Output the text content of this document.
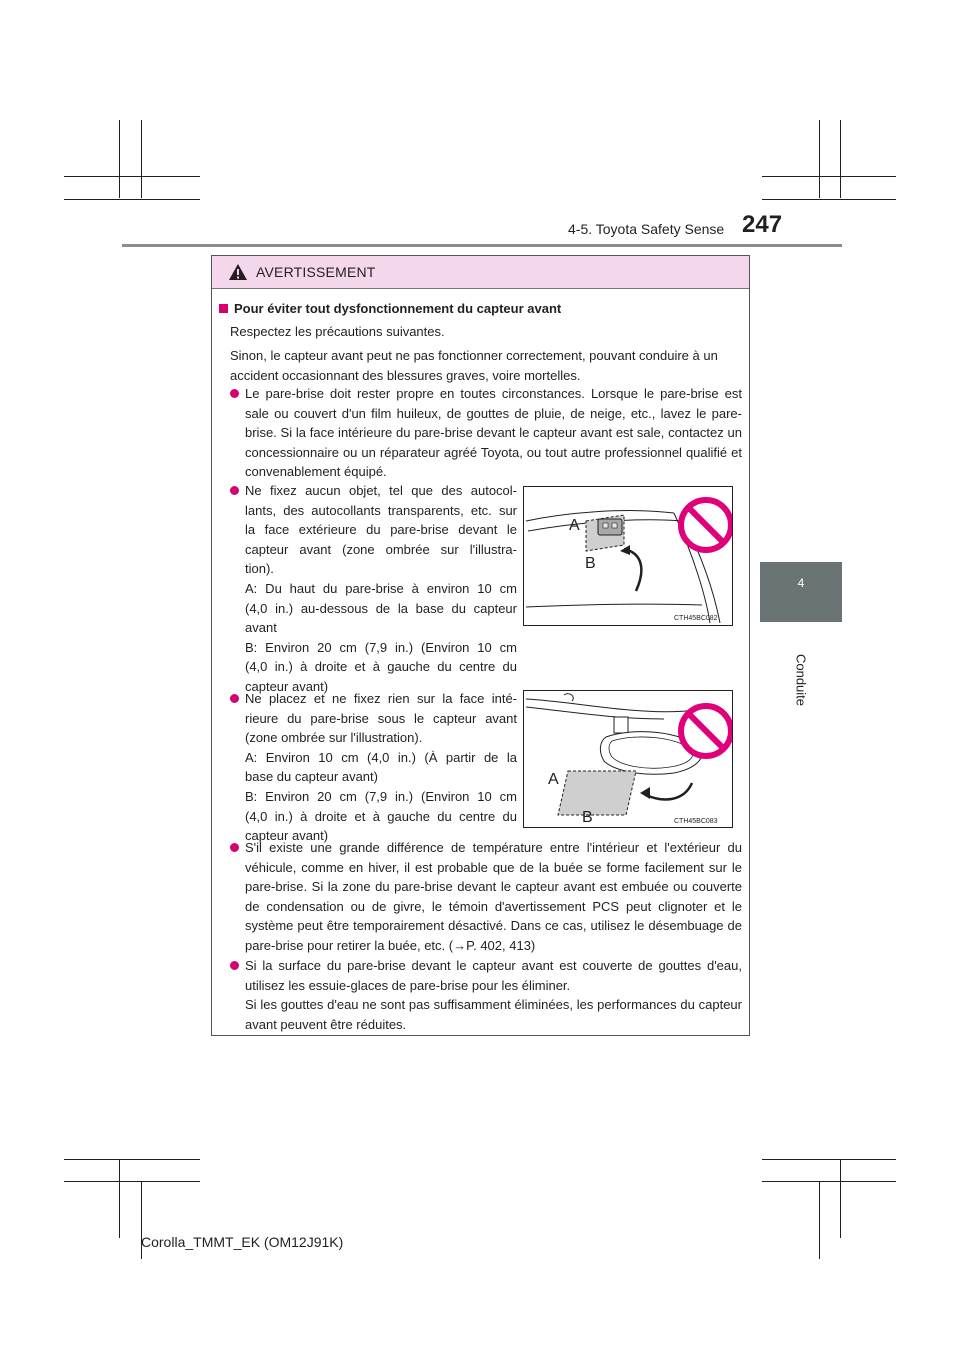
4-5. Toyota Safety Sense 247
4
Conduite
AVERTISSEMENT
Pour éviter tout dysfonctionnement du capteur avant
Respectez les précautions suivantes.
Sinon, le capteur avant peut ne pas fonctionner correctement, pouvant conduire à un accident occasionnant des blessures graves, voire mortelles.
Le pare-brise doit rester propre en toutes circonstances. Lorsque le pare-brise est sale ou couvert d'un film huileux, de gouttes de pluie, de neige, etc., lavez le pare-brise. Si la face intérieure du pare-brise devant le capteur avant est sale, contactez un concessionnaire ou un réparateur agréé Toyota, ou tout autre professionnel qualifié et convenablement équipé.
Ne fixez aucun objet, tel que des autocol-
lants, des autocollants transparents, etc. sur
la face extérieure du pare-brise devant le
capteur avant (zone ombrée sur l'illustra-
tion).
A: Du haut du pare-brise à environ 10 cm
(4,0 in.) au-dessous de la base du capteur
avant
B: Environ 20 cm (7,9 in.) (Environ 10 cm
(4,0 in.) à droite et à gauche du centre du
capteur avant)
Ne placez et ne fixez rien sur la face inté-
rieure du pare-brise sous le capteur avant
(zone ombrée sur l'illustration).
A: Environ 10 cm (4,0 in.) (À partir de la
base du capteur avant)
B: Environ 20 cm (7,9 in.) (Environ 10 cm
(4,0 in.) à droite et à gauche du centre du
capteur avant)
S'il existe une grande différence de température entre l'intérieur et l'extérieur du véhicule, comme en hiver, il est probable que de la buée se forme facilement sur le pare-brise. Si la zone du pare-brise devant le capteur avant est embuée ou couverte de condensation ou de givre, le témoin d'avertissement PCS peut clignoter et le système peut être temporairement désactivé. Dans ce cas, utilisez le désembuage de pare-brise pour retirer la buée, etc. (→P. 402, 413)
Si la surface du pare-brise devant le capteur avant est couverte de gouttes d'eau, utilisez les essuie-glaces de pare-brise pour les éliminer.
Si les gouttes d'eau ne sont pas suffisamment éliminées, les performances du capteur avant peuvent être réduites.
A
B
CTH45BC082
A
B	CTH45BC083
Corolla_TMMT_EK (OM12J91K)
